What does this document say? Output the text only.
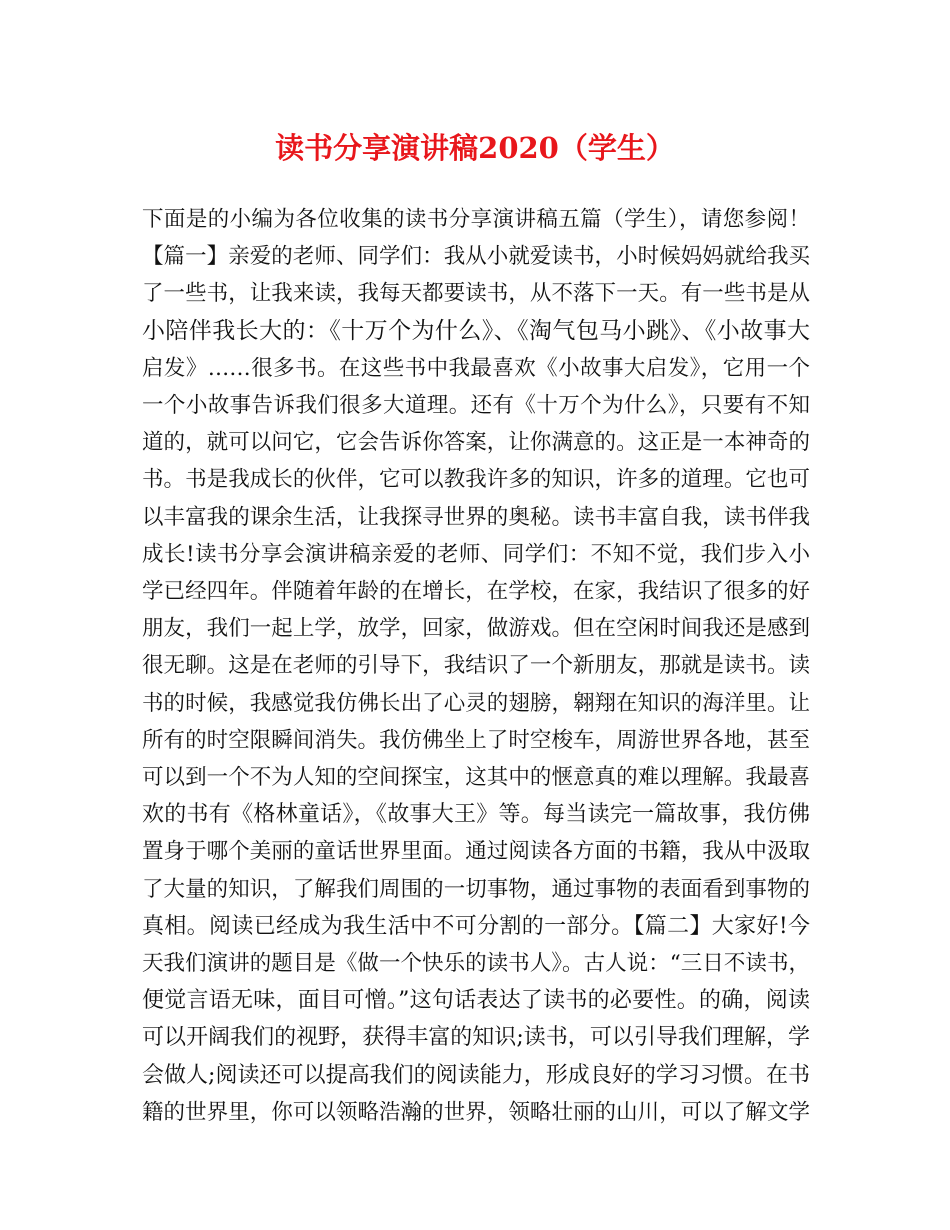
读书分享演讲稿2020（学生）
下面是的小编为各位收集的读书分享演讲稿五篇（学生），请您参阅！
【篇一】亲爱的老师、同学们：我从小就爱读书，小时候妈妈就给我买
了一些书，让我来读，我每天都要读书，从不落下一天。有一些书是从
小陪伴我长大的：《十万个为什么》、《淘气包马小跳》、《小故事大
启发》……很多书。在这些书中我最喜欢《小故事大启发》，它用一个
一个小故事告诉我们很多大道理。还有《十万个为什么》，只要有不知
道的，就可以问它，它会告诉你答案，让你满意的。这正是一本神奇的
书。书是我成长的伙伴，它可以教我许多的知识，许多的道理。它也可
以丰富我的课余生活，让我探寻世界的奥秘。读书丰富自我，读书伴我
成长!读书分享会演讲稿亲爱的老师、同学们：不知不觉，我们步入小
学已经四年。伴随着年龄的在增长，在学校，在家，我结识了很多的好
朋友，我们一起上学，放学，回家，做游戏。但在空闲时间我还是感到
很无聊。这是在老师的引导下，我结识了一个新朋友，那就是读书。读
书的时候，我感觉我仿佛长出了心灵的翅膀，翱翔在知识的海洋里。让
所有的时空限瞬间消失。我仿佛坐上了时空梭车，周游世界各地，甚至
可以到一个不为人知的空间探宝，这其中的惬意真的难以理解。我最喜
欢的书有《格林童话》，《故事大王》等。每当读完一篇故事，我仿佛
置身于哪个美丽的童话世界里面。通过阅读各方面的书籍，我从中汲取
了大量的知识，了解我们周围的一切事物，通过事物的表面看到事物的
真相。阅读已经成为我生活中不可分割的一部分。【篇二】大家好!今
天我们演讲的题目是《做一个快乐的读书人》。古人说：“三日不读书，
便觉言语无味，面目可憎。”这句话表达了读书的必要性。的确，阅读
可以开阔我们的视野，获得丰富的知识;读书，可以引导我们理解，学
会做人;阅读还可以提高我们的阅读能力，形成良好的学习习惯。在书
籍的世界里，你可以领略浩瀚的世界，领略壮丽的山川，可以了解文学
